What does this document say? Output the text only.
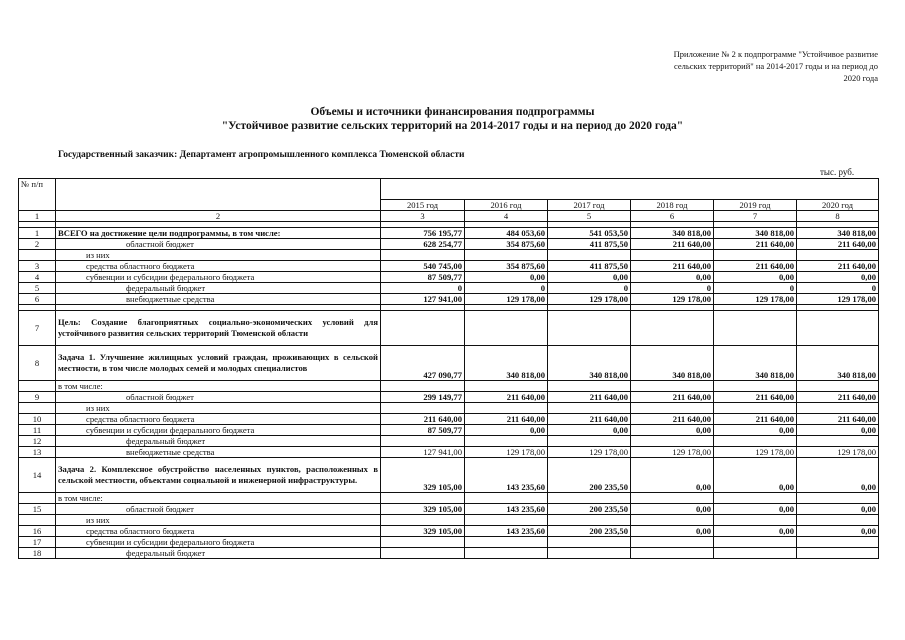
Приложение № 2 к подпрограмме "Устойчивое развитие
сельских территорий" на 2014-2017 годы и на период до
2020 года
Объемы и источники финансирования подпрограммы
"Устойчивое развитие сельских территорий на 2014-2017 годы и на период до 2020 года"
Государственный заказчик: Департамент агропромышленного комплекса Тюменской области
тыс. руб.
№ п/п							
		2015 год	2016 год	2017 год	2018 год	2019 год	2020 год
1	2	3	4	5	6	7	8

1	ВСЕГО на достижение цели подпрограммы, в том числе:	756 195,77	484 053,60	541 053,50	340 818,00	340 818,00	340 818,00
2	областной бюджет	628 254,77	354 875,60	411 875,50	211 640,00	211 640,00	211 640,00
	из них						
3	средства областного бюджета	540 745,00	354 875,60	411 875,50	211 640,00	211 640,00	211 640,00
4	субвенции и субсидии федерального бюджета	87 509,77	0,00	0,00	0,00	0,00	0,00
5	федеральный бюджет	0	0	0	0	0	0
6	внебюджетные средства	127 941,00	129 178,00	129 178,00	129 178,00	129 178,00	129 178,00

7	Цель: Создание благоприятных социально-экономических условий для устойчивого развития сельских территорий Тюменской области						
8	Задача 1. Улучшение жилищных условий граждан, проживающих в сельской местности, в том числе молодых семей и молодых специалистов	427 090,77	340 818,00	340 818,00	340 818,00	340 818,00	340 818,00
	в том числе:						
9	областной бюджет	299 149,77	211 640,00	211 640,00	211 640,00	211 640,00	211 640,00
	из них						
10	средства областного бюджета	211 640,00	211 640,00	211 640,00	211 640,00	211 640,00	211 640,00
11	субвенции и субсидии федерального бюджета	87 509,77	0,00	0,00	0,00	0,00	0,00
12	федеральный бюджет						
13	внебюджетные средства	127 941,00	129 178,00	129 178,00	129 178,00	129 178,00	129 178,00
14	Задача 2. Комплексное обустройство населенных пунктов, расположенных в сельской местности, объектами социальной и инженерной инфраструктуры.	329 105,00	143 235,60	200 235,50	0,00	0,00	0,00
	в том числе:						
15	областной бюджет	329 105,00	143 235,60	200 235,50	0,00	0,00	0,00
	из них						
16	средства областного бюджета	329 105,00	143 235,60	200 235,50	0,00	0,00	0,00
17	субвенции и субсидии федерального бюджета						
18	федеральный бюджет						
